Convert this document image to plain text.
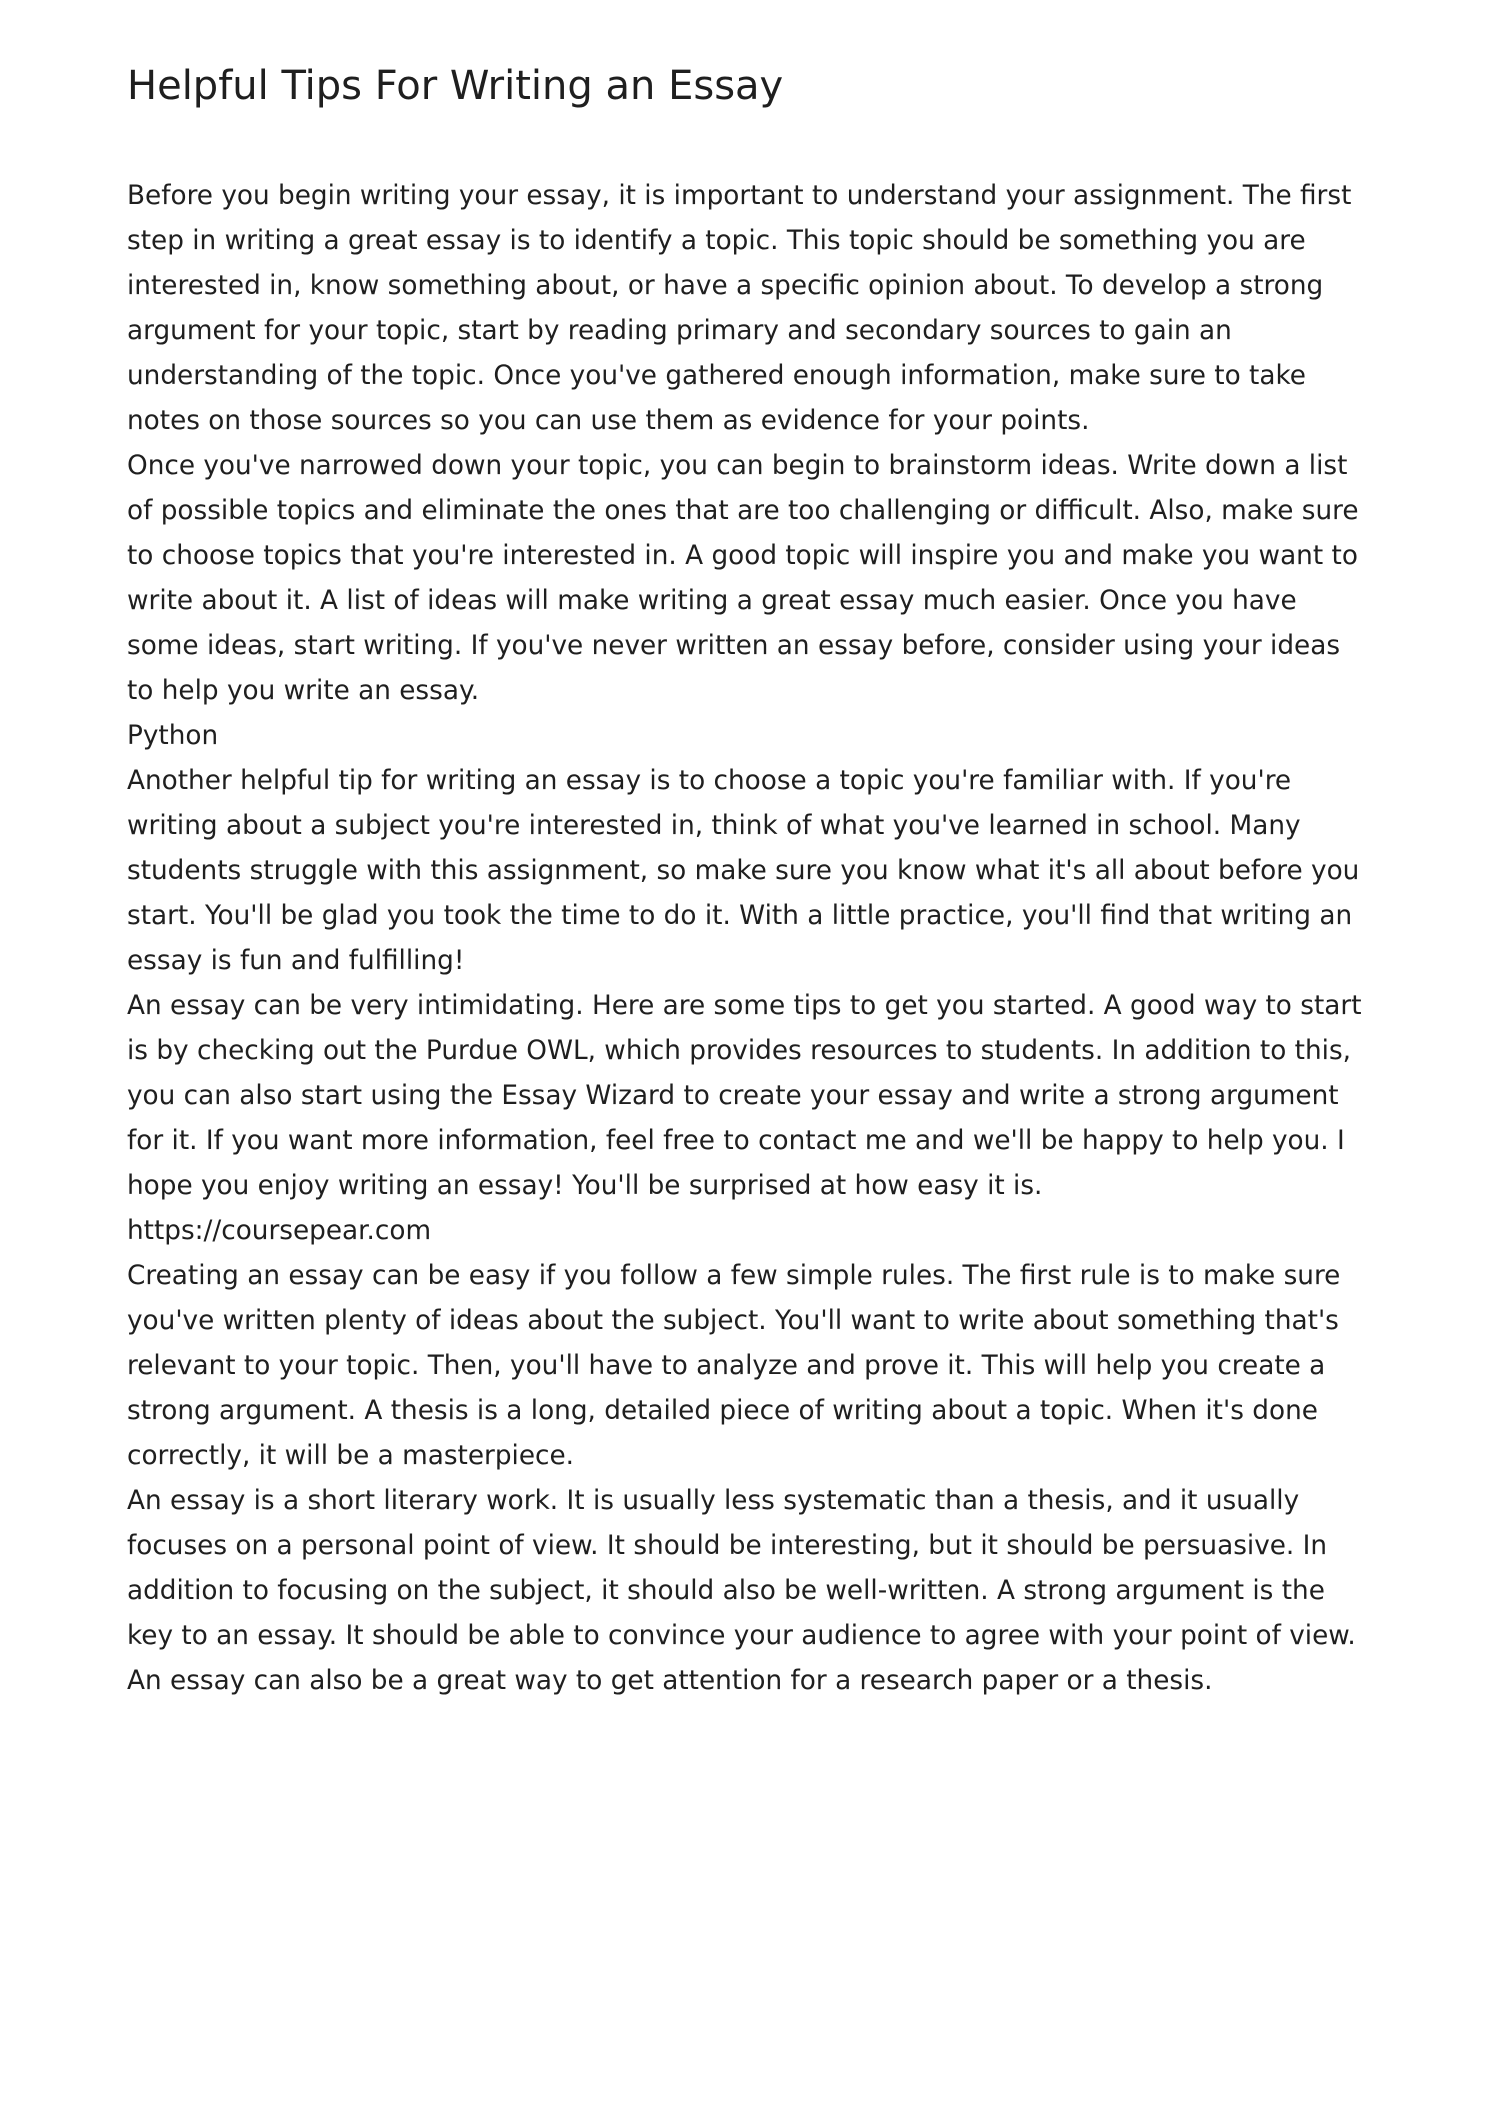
Helpful Tips For Writing an Essay

Before you begin writing your essay, it is important to understand your assignment. The first step in writing a great essay is to identify a topic. This topic should be something you are interested in, know something about, or have a specific opinion about. To develop a strong argument for your topic, start by reading primary and secondary sources to gain an understanding of the topic. Once you've gathered enough information, make sure to take notes on those sources so you can use them as evidence for your points.

Once you've narrowed down your topic, you can begin to brainstorm ideas. Write down a list of possible topics and eliminate the ones that are too challenging or difficult. Also, make sure to choose topics that you're interested in. A good topic will inspire you and make you want to write about it. A list of ideas will make writing a great essay much easier. Once you have some ideas, start writing. If you've never written an essay before, consider using your ideas to help you write an essay.

Python

Another helpful tip for writing an essay is to choose a topic you're familiar with. If you're writing about a subject you're interested in, think of what you've learned in school. Many students struggle with this assignment, so make sure you know what it's all about before you start. You'll be glad you took the time to do it. With a little practice, you'll find that writing an essay is fun and fulfilling!

An essay can be very intimidating. Here are some tips to get you started. A good way to start is by checking out the Purdue OWL, which provides resources to students. In addition to this, you can also start using the Essay Wizard to create your essay and write a strong argument for it. If you want more information, feel free to contact me and we'll be happy to help you. I hope you enjoy writing an essay! You'll be surprised at how easy it is.

https://coursepear.com

Creating an essay can be easy if you follow a few simple rules. The first rule is to make sure you've written plenty of ideas about the subject. You'll want to write about something that's relevant to your topic. Then, you'll have to analyze and prove it. This will help you create a strong argument. A thesis is a long, detailed piece of writing about a topic. When it's done correctly, it will be a masterpiece.

An essay is a short literary work. It is usually less systematic than a thesis, and it usually focuses on a personal point of view. It should be interesting, but it should be persuasive. In addition to focusing on the subject, it should also be well-written. A strong argument is the key to an essay. It should be able to convince your audience to agree with your point of view. An essay can also be a great way to get attention for a research paper or a thesis.
